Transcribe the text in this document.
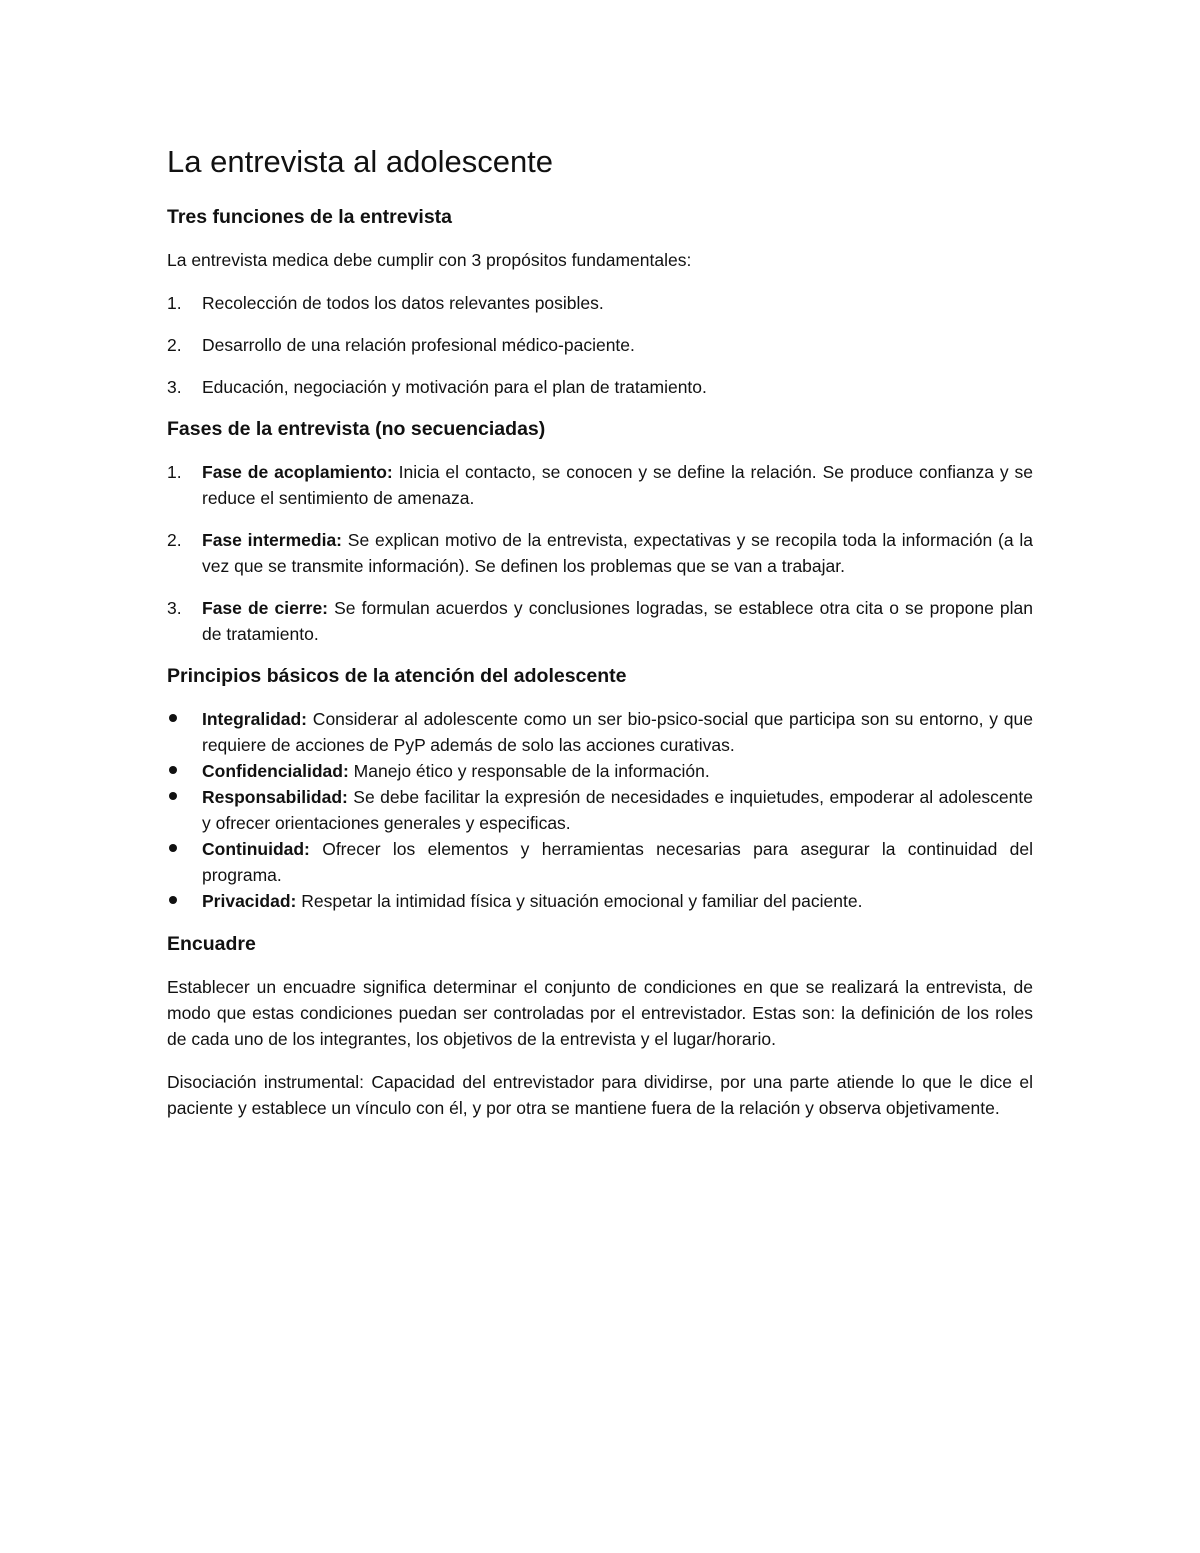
La entrevista al adolescente
Tres funciones de la entrevista

La entrevista medica debe cumplir con 3 propósitos fundamentales:

1. Recolección de todos los datos relevantes posibles.
2. Desarrollo de una relación profesional médico-paciente.
3. Educación, negociación y motivación para el plan de tratamiento.
Fases de la entrevista (no secuenciadas)
1. Fase de acoplamiento: Inicia el contacto, se conocen y se define la relación. Se produce confianza y se reduce el sentimiento de amenaza.
2. Fase intermedia: Se explican motivo de la entrevista, expectativas y se recopila toda la información (a la vez que se transmite información). Se definen los problemas que se van a trabajar.
3. Fase de cierre: Se formulan acuerdos y conclusiones logradas, se establece otra cita o se propone plan de tratamiento.
Principios básicos de la atención del adolescente
Integralidad: Considerar al adolescente como un ser bio-psico-social que participa son su entorno, y que requiere de acciones de PyP además de solo las acciones curativas.
Confidencialidad: Manejo ético y responsable de la información.
Responsabilidad: Se debe facilitar la expresión de necesidades e inquietudes, empoderar al adolescente y ofrecer orientaciones generales y especificas.
Continuidad: Ofrecer los elementos y herramientas necesarias para asegurar la continuidad del programa.
Privacidad: Respetar la intimidad física y situación emocional y familiar del paciente.
Encuadre

Establecer un encuadre significa determinar el conjunto de condiciones en que se realizará la entrevista, de modo que estas condiciones puedan ser controladas por el entrevistador. Estas son: la definición de los roles de cada uno de los integrantes, los objetivos de la entrevista y el lugar/horario.

Disociación instrumental: Capacidad del entrevistador para dividirse, por una parte atiende lo que le dice el paciente y establece un vínculo con él, y por otra se mantiene fuera de la relación y observa objetivamente.
